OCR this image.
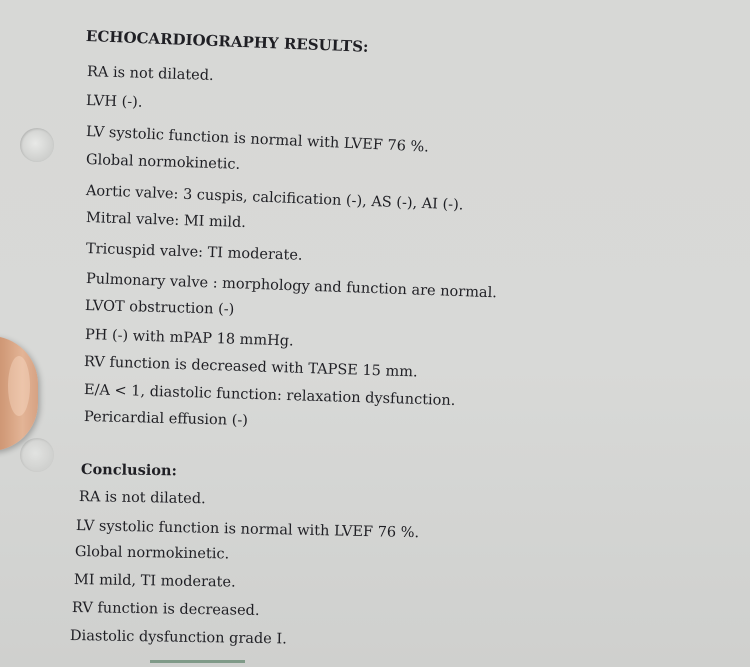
ECHOCARDIOGRAPHY RESULTS:

RA is not dilated.

LVH (-).

LV systolic function is normal with LVEF 76 %.

Global normokinetic.

Aortic valve: 3 cuspis, calcification (-), AS (-), AI (-).

Mitral valve: MI mild.

Tricuspid valve: TI moderate.

Pulmonary valve : morphology and function are normal.

LVOT obstruction (-)

PH (-) with mPAP 18 mmHg.

RV function is decreased with TAPSE 15 mm.

E/A < 1, diastolic function: relaxation dysfunction.

Pericardial effusion (-)

Conclusion:

RA is not dilated.

LV systolic function is normal with LVEF 76 %.

Global normokinetic.

MI mild, TI moderate.

RV function is decreased.

Diastolic dysfunction grade I.
